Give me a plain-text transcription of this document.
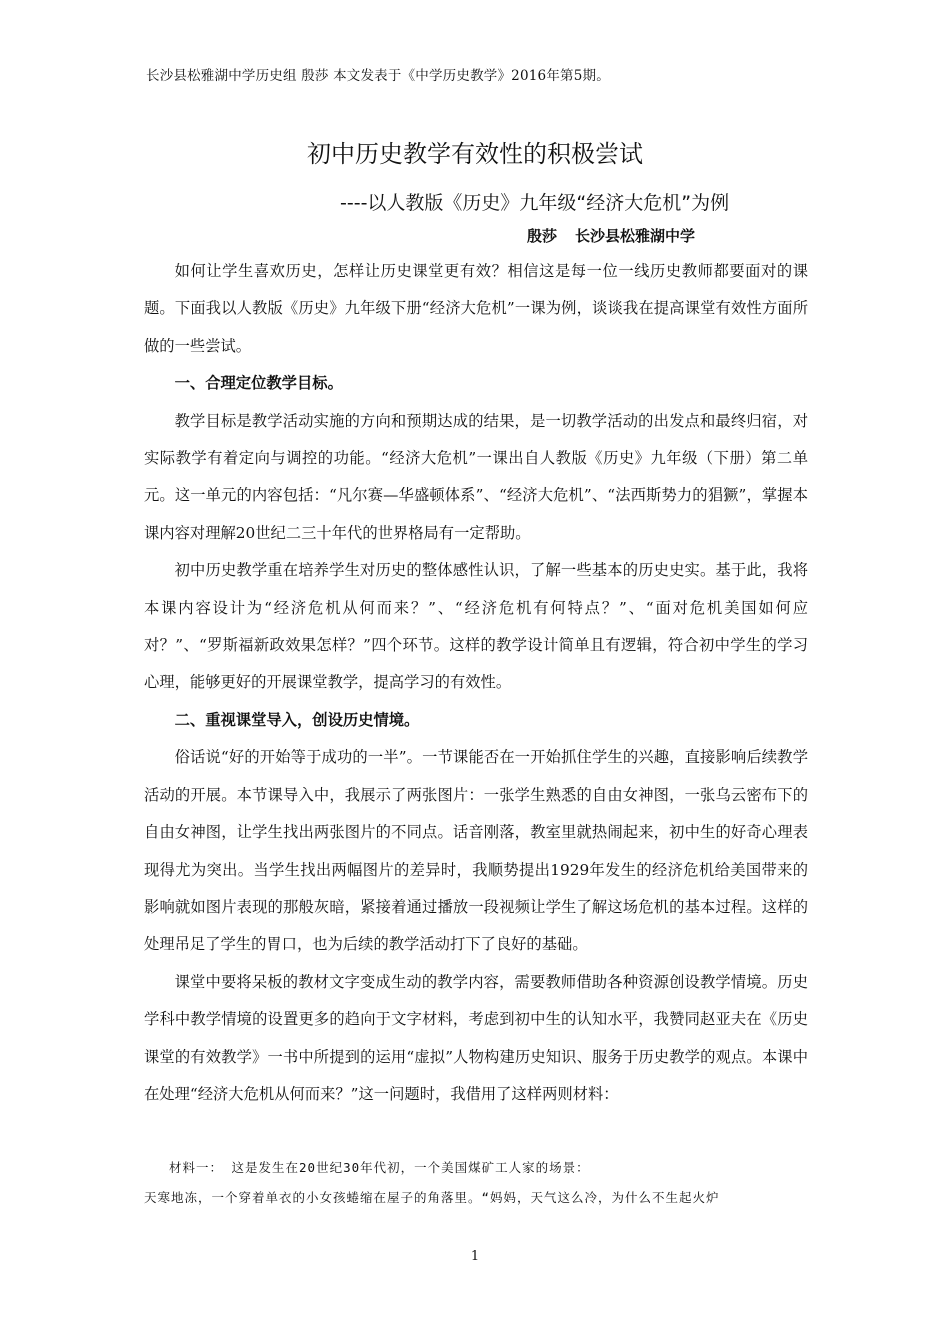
长沙县松雅湖中学历史组 殷莎 本文发表于《中学历史教学》2016年第5期。
初中历史教学有效性的积极尝试
----以人教版《历史》九年级“经济大危机”为例
殷莎 长沙县松雅湖中学

如何让学生喜欢历史，怎样让历史课堂更有效？相信这是每一位一线历史教师都要面对的课题。下面我以人教版《历史》九年级下册“经济大危机”一课为例，谈谈我在提高课堂有效性方面所做的一些尝试。

一、合理定位教学目标。

教学目标是教学活动实施的方向和预期达成的结果，是一切教学活动的出发点和最终归宿，对实际教学有着定向与调控的功能。“经济大危机”一课出自人教版《历史》九年级（下册）第二单元。这一单元的内容包括：“凡尔赛—华盛顿体系”、“经济大危机”、“法西斯势力的猖獗”，掌握本课内容对理解20世纪二三十年代的世界格局有一定帮助。

初中历史教学重在培养学生对历史的整体感性认识，了解一些基本的历史史实。基于此，我将本课内容设计为“经济危机从何而来？”、“经济危机有何特点？”、“面对危机美国如何应对？”、“罗斯福新政效果怎样？”四个环节。这样的教学设计简单且有逻辑，符合初中学生的学习心理，能够更好的开展课堂教学，提高学习的有效性。

二、重视课堂导入，创设历史情境。

俗话说“好的开始等于成功的一半”。一节课能否在一开始抓住学生的兴趣，直接影响后续教学活动的开展。本节课导入中，我展示了两张图片：一张学生熟悉的自由女神图，一张乌云密布下的自由女神图，让学生找出两张图片的不同点。话音刚落，教室里就热闹起来，初中生的好奇心理表现得尤为突出。当学生找出两幅图片的差异时，我顺势提出1929年发生的经济危机给美国带来的影响就如图片表现的那般灰暗，紧接着通过播放一段视频让学生了解这场危机的基本过程。这样的处理吊足了学生的胃口，也为后续的教学活动打下了良好的基础。

课堂中要将呆板的教材文字变成生动的教学内容，需要教师借助各种资源创设教学情境。历史学科中教学情境的设置更多的趋向于文字材料，考虑到初中生的认知水平，我赞同赵亚夫在《历史课堂的有效教学》一书中所提到的运用“虚拟”人物构建历史知识、服务于历史教学的观点。本课中在处理“经济大危机从何而来？”这一问题时，我借用了这样两则材料：

材料一： 这是发生在20世纪30年代初，一个美国煤矿工人家的场景：

天寒地冻，一个穿着单衣的小女孩蜷缩在屋子的角落里。“妈妈，天气这么冷，为什么不生起火炉

1
